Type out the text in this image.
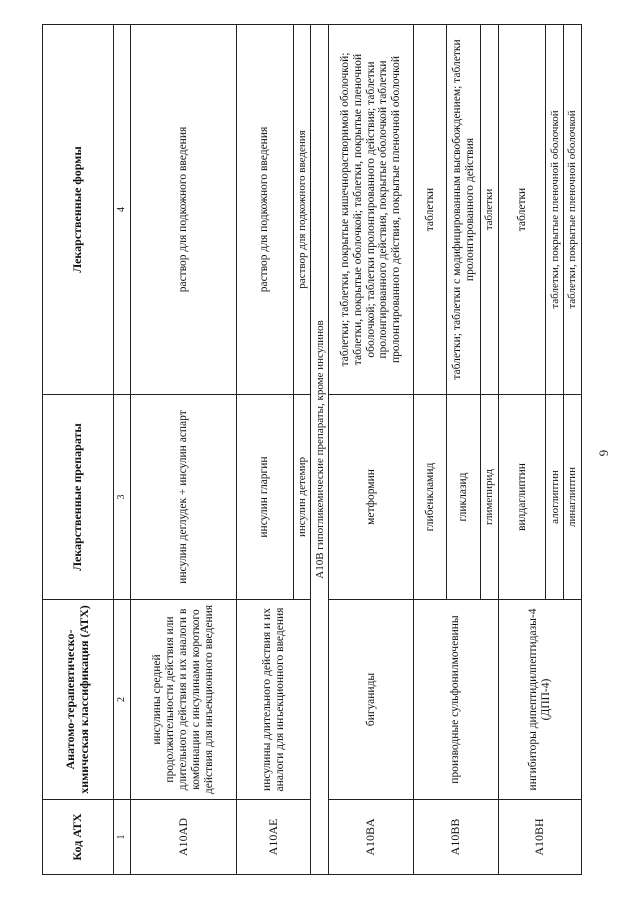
6
Код АТХ	Анатомо-терапевтическо-химическая классификация (АТХ)	Лекарственные препараты	Лекарственные формы
1	2	3	4
A10AD	инсулины средней продолжительности действия или длительного действия и их аналоги в комбинации с инсулинами короткого действия для инъекционного введения	инсулин деглудек + инсулин аспарт	раствор для подкожного введения
A10AE	инсулины длительного действия и их аналоги для инъекционного введения	инсулин гларгин	раствор для подкожного введения
		инсулин детемир	раствор для подкожного введения
A10B гипогликемические препараты, кроме инсулинов			
A10BA	бигуаниды	метформин	таблетки; таблетки, покрытые кишечнорастворимой оболочкой; таблетки, покрытые оболочкой; таблетки, покрытые пленочной оболочкой; таблетки пролонгированного действия; таблетки пролонгированного действия, покрытые оболочкой таблетки пролонгированного действия, покрытые пленочной оболочкой
A10BB	производные сульфонилмочевины	глибенкламид	таблетки
		гликлазид	таблетки; таблетки с модифицированным высвобождением; таблетки пролонгированного действия
		глимепирид	таблетки
A10BH	ингибиторы дипептидилпептидазы-4 (ДПП-4)	вилдаглиптин	таблетки
		алоглиптин	таблетки, покрытые пленочной оболочкой
		линаглиптин	таблетки, покрытые пленочной оболочкой
